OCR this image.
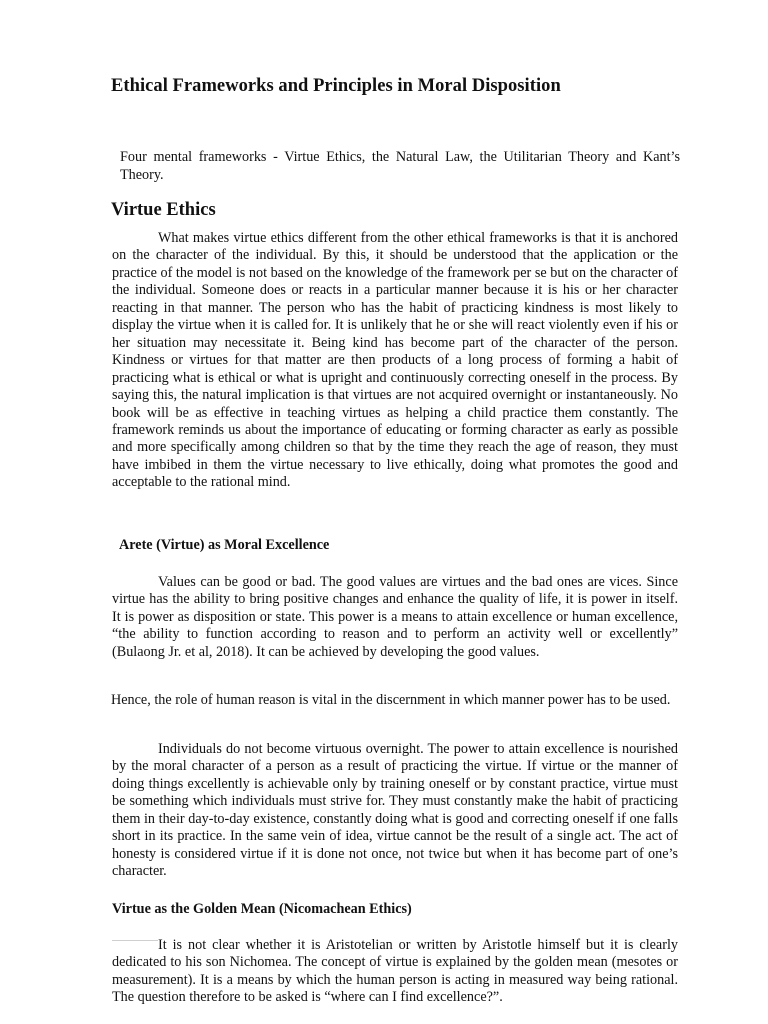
Ethical Frameworks and Principles in Moral Disposition
Four mental frameworks - Virtue Ethics, the Natural Law, the Utilitarian Theory and Kant’s Theory.
Virtue Ethics
What makes virtue ethics different from the other ethical frameworks is that it is anchored on the character of the individual. By this, it should be understood that the application or the practice of the model is not based on the knowledge of the framework per se but on the character of the individual. Someone does or reacts in a particular manner because it is his or her character reacting in that manner. The person who has the habit of practicing kindness is most likely to display the virtue when it is called for. It is unlikely that he or she will react violently even if his or her situation may necessitate it. Being kind has become part of the character of the person. Kindness or virtues for that matter are then products of a long process of forming a habit of practicing what is ethical or what is upright and continuously correcting oneself in the process. By saying this, the natural implication is that virtues are not acquired overnight or instantaneously. No book will be as effective in teaching virtues as helping a child practice them constantly. The framework reminds us about the importance of educating or forming character as early as possible and more specifically among children so that by the time they reach the age of reason, they must have imbibed in them the virtue necessary to live ethically, doing what promotes the good and acceptable to the rational mind.
Arete (Virtue) as Moral Excellence
Values can be good or bad. The good values are virtues and the bad ones are vices. Since virtue has the ability to bring positive changes and enhance the quality of life, it is power in itself. It is power as disposition or state. This power is a means to attain excellence or human excellence, “the ability to function according to reason and to perform an activity well or excellently” (Bulaong Jr. et al, 2018). It can be achieved by developing the good values.
Hence, the role of human reason is vital in the discernment in which manner power has to be used.
Individuals do not become virtuous overnight. The power to attain excellence is nourished by the moral character of a person as a result of practicing the virtue. If virtue or the manner of doing things excellently is achievable only by training oneself or by constant practice, virtue must be something which individuals must strive for. They must constantly make the habit of practicing them in their day-to-day existence, constantly doing what is good and correcting oneself if one falls short in its practice. In the same vein of idea, virtue cannot be the result of a single act. The act of honesty is considered virtue if it is done not once, not twice but when it has become part of one’s character.
Virtue as the Golden Mean (Nicomachean Ethics)
It is not clear whether it is Aristotelian or written by Aristotle himself but it is clearly dedicated to his son Nichomea. The concept of virtue is explained by the golden mean (mesotes or measurement). It is a means by which the human person is acting in measured way being rational. The question therefore to be asked is “where can I find excellence?”.
